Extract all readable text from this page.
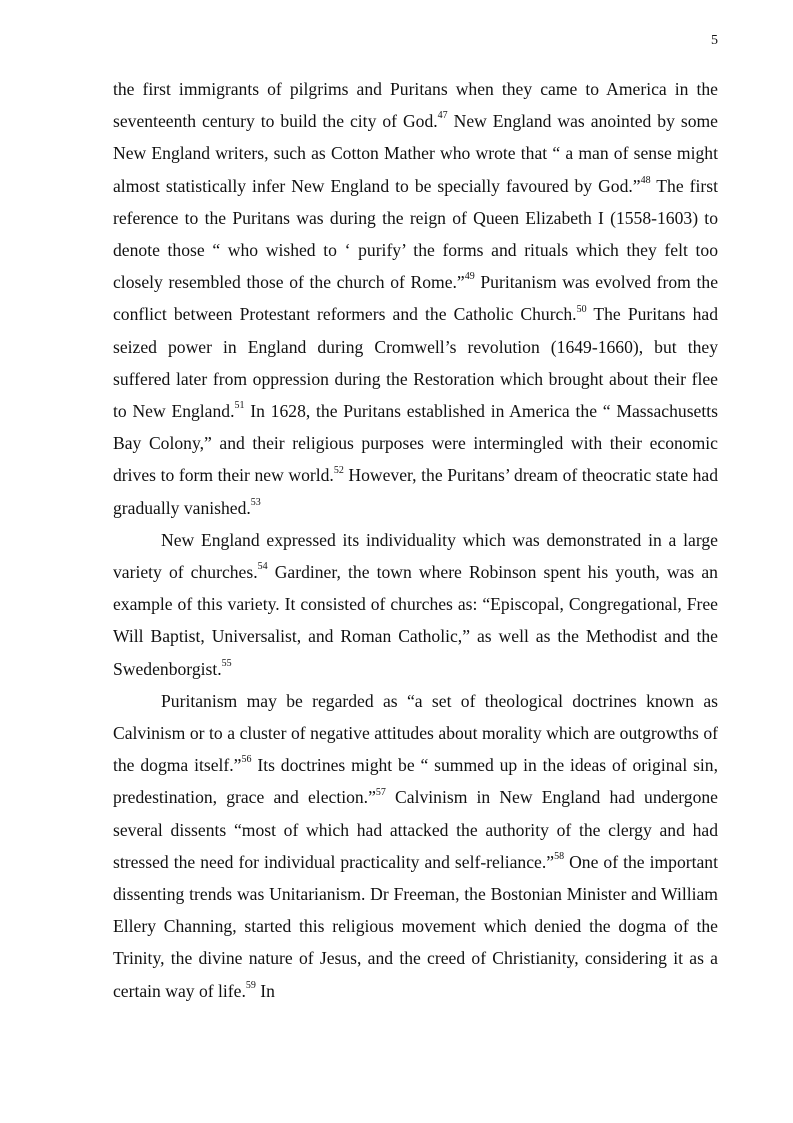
5

the first immigrants of pilgrims and Puritans when they came to America in the seventeenth century to build the city of God.$^{47}$ New England was anointed by some New England writers, such as Cotton Mather who wrote that “ a man of sense might almost statistically infer New England to be specially favoured by God.”$^{48}$ The first reference to the Puritans was during the reign of Queen Elizabeth I (1558-1603) to denote those “ who wished to ‘ purify’ the forms and rituals which they felt too closely resembled those of the church of Rome.”$^{49}$ Puritanism was evolved from the conflict between Protestant reformers and the Catholic Church.$^{50}$ The Puritans had seized power in England during Cromwell’s revolution (1649-1660), but they suffered later from oppression during the Restoration which brought about their flee to New England.$^{51}$ In 1628, the Puritans established in America the “ Massachusetts Bay Colony,” and their religious purposes were intermingled with their economic drives to form their new world.$^{52}$ However, the Puritans’ dream of theocratic state had gradually vanished.$^{53}$

New England expressed its individuality which was demonstrated in a large variety of churches.$^{54}$ Gardiner, the town where Robinson spent his youth, was an example of this variety. It consisted of churches as: “Episcopal, Congregational, Free Will Baptist, Universalist, and Roman Catholic,” as well as the Methodist and the Swedenborgist.$^{55}$

Puritanism may be regarded as “a set of theological doctrines known as Calvinism or to a cluster of negative attitudes about morality which are outgrowths of the dogma itself.”$^{56}$ Its doctrines might be “ summed up in the ideas of original sin, predestination, grace and election.”$^{57}$ Calvinism in New England had undergone several dissents “most of which had attacked the authority of the clergy and had stressed the need for individual practicality and self-reliance.”$^{58}$ One of the important dissenting trends was Unitarianism. Dr Freeman, the Bostonian Minister and William Ellery Channing, started this religious movement which denied the dogma of the Trinity, the divine nature of Jesus, and the creed of Christianity, considering it as a certain way of life.$^{59}$ In
